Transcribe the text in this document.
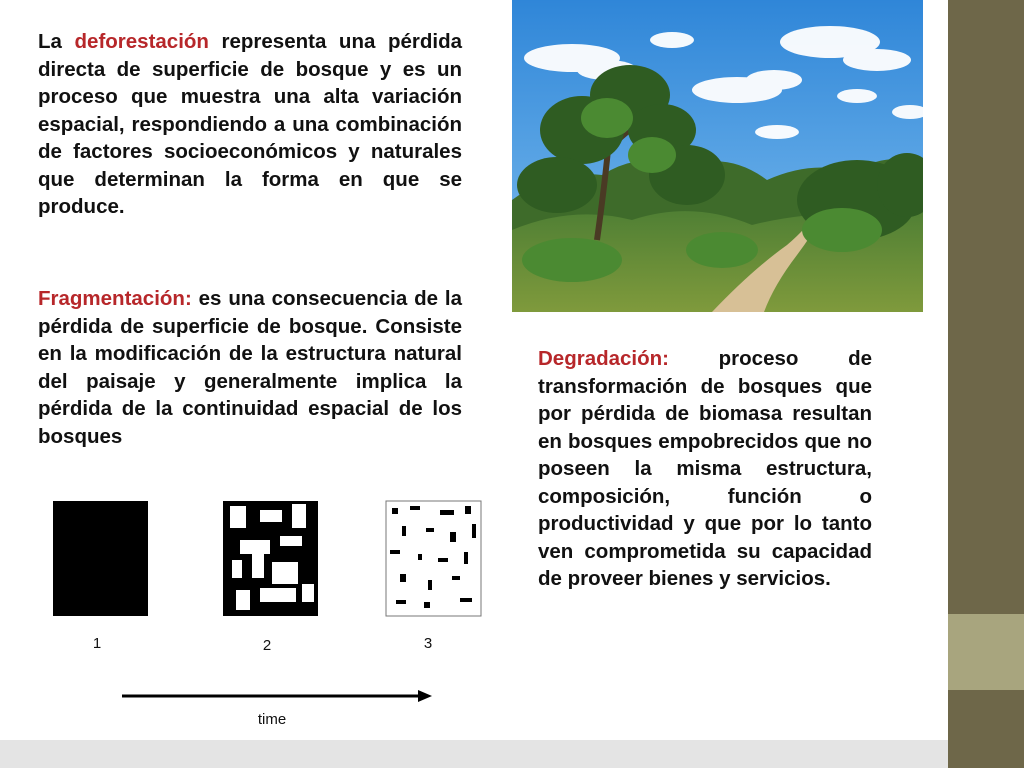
La deforestación representa una pérdida directa de superficie de bosque y es un proceso que muestra una alta variación espacial, respondiendo a una combinación de factores socioeconómicos y naturales que determinan la forma en que se produce.

Fragmentación: es una consecuencia de la pérdida de superficie de bosque. Consiste en la modificación de la estructura natural del paisaje y generalmente implica la pérdida de la continuidad espacial de los bosques

Degradación: proceso de transformación de bosques que por pérdida de biomasa resultan en bosques empobrecidos que no poseen la misma estructura, composición, función o productividad y que por lo tanto ven comprometida su capacidad de proveer bienes y servicios.

1	2	3
time
